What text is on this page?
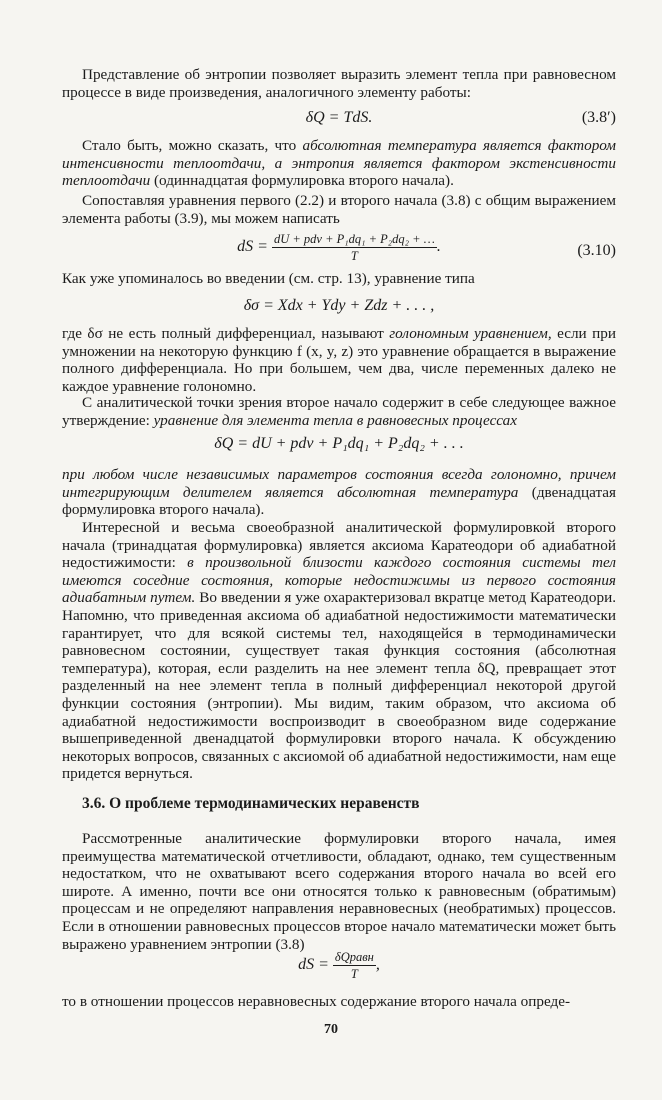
Представление об энтропии позволяет выразить элемент тепла при равновесном процессе в виде произведения, аналогичного элементу работы:

δQ = TdS.	(3.8′)

Стало быть, можно сказать, что абсолютная температура является фактором интенсивности теплоотдачи, а энтропия является фактором экстенсивности теплоотдачи (одиннадцатая формулировка второго начала).

Сопоставляя уравнения первого (2.2) и второго начала (3.8) с общим выражением элемента работы (3.9), мы можем написать

dS = $\frac{\text{dU + pdv + P₁dq₁ + P₂dq₂ + …}}{T}$ .	(3.10)

Как уже упоминалось во введении (см. стр. 13), уравнение типа

δσ = Xdx + Ydy + Zdz + . . . ,

где δσ не есть полный дифференциал, называют голономным уравнением, если при умножении на некоторую функцию f (x, y, z) это уравнение обращается в выражение полного дифференциала. Но при большем, чем два, числе переменных далеко не каждое уравнение голономно.

С аналитической точки зрения второе начало содержит в себе следующее важное утверждение: уравнение для элемента тепла в равновесных процессах

δQ = dU + pdv + P₁dq₁ + P₂dq₂ + . . .

при любом числе независимых параметров состояния всегда голономно, причем интегрирующим делителем является абсолютная температура (двенадцатая формулировка второго начала).

Интересной и весьма своеобразной аналитической формулировкой второго начала (тринадцатая формулировка) является аксиома Каратеодори об адиабатной недостижимости: в произвольной близости каждого состояния системы тел имеются соседние состояния, которые недостижимы из первого состояния адиабатным путем. Во введении я уже охарактеризовал вкратце метод Каратеодори. Напомню, что приведенная аксиома об адиабатной недостижимости математически гарантирует, что для всякой системы тел, находящейся в термодинамически равновесном состоянии, существует такая функция состояния (абсолютная температура), которая, если разделить на нее элемент тепла δQ, превращает этот разделенный на нее элемент тепла в полный дифференциал некоторой другой функции состояния (энтропии). Мы видим, таким образом, что аксиома об адиабатной недостижимости воспроизводит в своеобразном виде содержание вышеприведенной двенадцатой формулировки второго начала. К обсуждению некоторых вопросов, связанных с аксиомой об адиабатной недостижимости, нам еще придется вернуться.

3.6. О проблеме термодинамических неравенств

Рассмотренные аналитические формулировки второго начала, имея преимущества математической отчетливости, обладают, однако, тем существенным недостатком, что не охватывают всего содержания второго начала во всей его широте. А именно, почти все они относятся только к равновесным (обратимым) процессам и не определяют направления неравновесных (необратимых) процессов. Если в отношении равновесных процессов второе начало математически может быть выражено уравнением энтропии (3.8)

dS = $\frac{\text{δQравн}}{T}$ ,

то в отношении процессов неравновесных содержание второго начала опреде-

70
